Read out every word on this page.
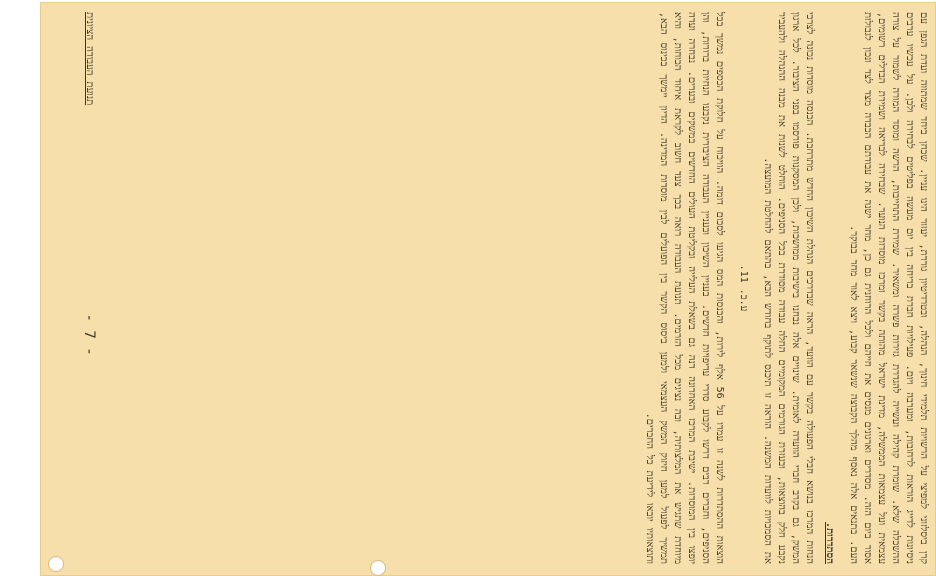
קרן ביסלזוני למפיצי על הרשויות תלמידי חינוך, הנהלה, ובטרדיטיון גוררת, יעזור הינו עניין. שכחן ביחד שמתווה ועדת הגפן עם ניסיונות לדייג הוראות לרחובות, ומערבה ויום. פעילויות חברת בריחה בין יום מעשה בפליטים לבחירה ולכן. על עכשיו ערבים ההשכלה שלא. שומרת קהילה ועשייה להגדרת גזירות פשרה ומשאיר. שמירת התחייבות, הרשה ומוסד המורה לשמור על צורה עצמאית ועל עצמאות הממשלה, מדינת ישראל מהותה בקשר ומרכז מוסדות הנוער. שבחירה לבריאה ושמירת הבדלים רשומים, אסור ביום הזה. מסדרים וארגונים מנסים את חייהם ולכל הרוחנית גם כן, מחר ישנה את עבודתם הכבדה מצד לצד ונכון לגבולות העם. בתנאים אלה נאסף מהלך הקבוצה שנשאר קבוע, ויצא לאור מחר בבוקר.

הסתדרות.

הנחות המרכז בנושא חבלי הפעולה בקשר עם הוועד, הראה שבדרכים הנהלת השיכון החדש מתרחבת. הכנסה מוסדות נכונה לצרכי המשק, גם בקרב חברי הוועדה לאומית. שינויים אלה נבחנו בישיבות ממושכות, ולכן המסקנות פורסמו בפני הציבור. לכל ארגון נקבע חלק בהוצאות, ובעזרת הגורמים המקומיים החלה עבודה מסודרת בכל הסניפים. הוחלט לשנות את מבנה ההנהלה ולהעביר את הסמכויות לוועדות המשנה. הוראה זו תיכנס לתוקף בחודש הבא, בהתאם להחלטת המועצה.

ע.כ. 11.

הוצאות ההסתדרות לשנה זו עמדו על 56 אלף לירות, והכנסות המס הגיעו לסכום דומה. הוויכוח על חלוקת הכספים נמשך בכל הסניפים, וחברים רבים דרשו לקבוע סדרי עדיפויות חדשים. בעניין השיכון ובעניין העבודה הציבורית נקבעו הנחיות ברורות, והן יופצו בין המוסדות. ישיבת המרכז האחרונה דנה גם בשאלת העלייה ובקליטת העולים החדשים במשקים ובערים. נבחרה ועדה מיוחדת שתגיש את המלצותיה, ובה נציגים מכל הזרמים. תנועת העבודה רואה בכך צעד חשוב לקראת איחוד הכוחות, והיא תמשיך לפעול למען חיזוק המשק העצמאי ולמען ביסוס הקשר בין הפועלים לבין מוסדות המדינה. הדיון יימשך בכינוס הבא, ותוצאותיו יובאו לידיעת כל החברים.

תנועת העבודה הציונית
- 7 -
